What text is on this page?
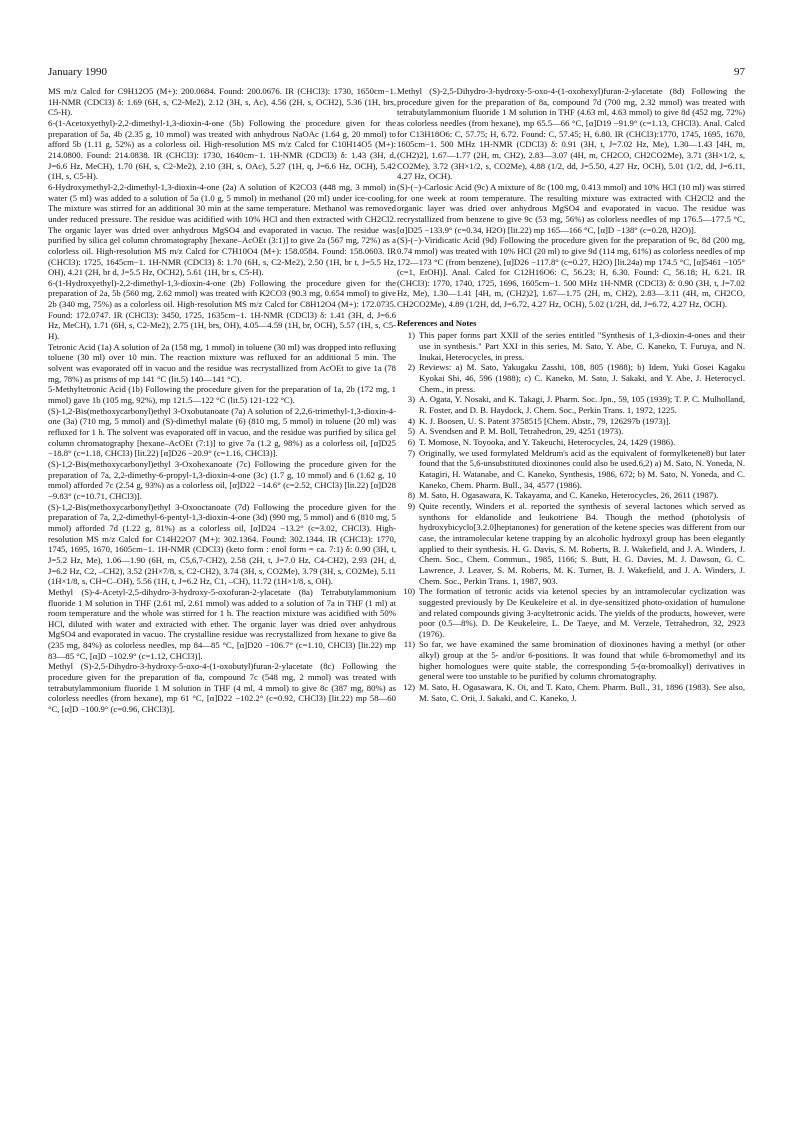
January 1990	97

MS m/z Calcd for C9H12O5 (M+): 200.0684. Found: 200.0676. IR (CHCl3): 1730, 1650cm−1. 1H-NMR (CDCl3) δ: 1.69 (6H, s, C2-Me2), 2.12 (3H, s, Ac), 4.56 (2H, s, OCH2), 5.36 (1H, brs, C5-H).

6-(1-Acetoxyethyl)-2,2-dimethyl-1,3-dioxin-4-one (5b) Following the procedure given for the preparation of 5a, 4b (2.35 g, 10 mmol) was treated with anhydrous NaOAc (1.64 g, 20 mmol) to afford 5b (1.11 g, 52%) as a colorless oil. High-resolution MS m/z Calcd for C10H14O5 (M+): 214.0800. Found: 214.0838. IR (CHCl3): 1730, 1640cm−1. 1H-NMR (CDCl3) δ: 1.43 (3H, d, J=6.6 Hz, MeCH), 1.70 (6H, s, C2-Me2), 2.10 (3H, s, OAc), 5.27 (1H, q, J=6.6 Hz, OCH), 5.42 (1H, s, C5-H).

6-Hydroxymethyl-2,2-dimethyl-1,3-dioxin-4-one (2a) A solution of K2CO3 (448 mg, 3 mmol) in water (5 ml) was added to a solution of 5a (1.0 g, 5 mmol) in methanol (20 ml) under ice-cooling. The mixture was stirred for an additional 30 min at the same temperature. Methanol was removed under reduced pressure. The residue was acidified with 10% HCl and then extracted with CH2Cl2. The organic layer was dried over anhydrous MgSO4 and evaporated in vacuo. The residue was purified by silica gel column chromatography [hexane–AcOEt (3:1)] to give 2a (567 mg, 72%) as a colorless oil. High-resolution MS m/z Calcd for C7H10O4 (M+): 158.0584. Found: 158.0603. IR (CHCl3): 1725, 1645cm−1. 1H-NMR (CDCl3) δ: 1.70 (6H, s, C2-Me2), 2.50 (1H, br t, J=5.5 Hz, OH), 4.21 (2H, br d, J=5.5 Hz, OCH2), 5.61 (1H, br s, C5-H).

6-(1-Hydroxyethyl)-2,2-dimethyl-1,3-dioxin-4-one (2b) Following the procedure given for the preparation of 2a, 5b (560 mg, 2.62 mmol) was treated with K2CO3 (90.3 mg, 0.654 mmol) to give 2b (340 mg, 75%) as a colorless oil. High-resolution MS m/z Calcd for C8H12O4 (M+): 172.0735. Found: 172.0747. IR (CHCl3): 3450, 1725, 1635cm−1. 1H-NMR (CDCl3) δ: 1.41 (3H, d, J=6.6 Hz, MeCH), 1.71 (6H, s, C2-Me2), 2.75 (1H, brs, OH), 4.05—4.59 (1H, br, OCH), 5.57 (1H, s, C5-H).

Tetronic Acid (1a) A solution of 2a (158 mg, 1 mmol) in toluene (30 ml) was dropped into refluxing toluene (30 ml) over 10 min. The reaction mixture was refluxed for an additional 5 min. The solvent was evaporated off in vacuo and the residue was recrystallized from AcOEt to give 1a (78 mg, 78%) as prisms of mp 141 °C (lit.5) 140—141 °C).

5-Methyltetronic Acid (1b) Following the procedure given for the preparation of 1a, 2b (172 mg, 1 mmol) gave 1b (105 mg, 92%), mp 121.5—122 °C (lit.5) 121-122 °C).

(S)-1,2-Bis(methoxycarbonyl)ethyl 3-Oxobutanoate (7a) A solution of 2,2,6-trimethyl-1,3-dioxin-4-one (3a) (710 mg, 5 mmol) and (S)-dimethyl malate (6) (810 mg, 5 mmol) in toluene (20 ml) was refluxed for 1 h. The solvent was evaporated off in vacuo, and the residue was purified by silica gel column chromatography [hexane–AcOEt (7:1)] to give 7a (1.2 g, 98%) as a colorless oil, [α]D25 −18.8° (c=1.18, CHCl3) [lit.22) [α]D26 −20.9° (c=1.16, CHCl3)].

(S)-1,2-Bis(methoxycarbonyl)ethyl 3-Oxohexanoate (7c) Following the procedure given for the preparation of 7a, 2,2-dimethy-6-propyl-1,3-dioxin-4-one (3c) (1.7 g, 10 mmol) and 6 (1.62 g, 10 mmol) afforded 7c (2.54 g, 93%) as a colorless oil, [α]D22 −14.6° (c=2.52, CHCl3) [lit.22) [α]D28 −9.83° (c=10.71, CHCl3)].

(S)-1,2-Bis(methoxycarbonyl)ethyl 3-Oxooctanoate (7d) Following the procedure given for the preparation of 7a, 2,2-dimethyl-6-pentyl-1,3-dioxin-4-one (3d) (990 mg, 5 mmol) and 6 (810 mg, 5 mmol) afforded 7d (1.22 g, 81%) as a colorless oil, [α]D24 −13.2° (c=3.02, CHCl3). High-resolution MS m/z Calcd for C14H22O7 (M+): 302.1364. Found: 302.1344. IR (CHCl3): 1770, 1745, 1695, 1670, 1605cm−1. 1H-NMR (CDCl3) (keto form : enol form = ca. 7:1) δ: 0.90 (3H, t, J=5.2 Hz, Me), 1.06—1.90 (6H, m, C5,6,7-CH2), 2.58 (2H, t, J=7.0 Hz, C4-CH2), 2.93 (2H, d, J=6.2 Hz, C2, –CH2), 3.52 (2H×7/8, s, C2-CH2), 3.74 (3H, s, CO2Me), 3.79 (3H, s, CO2Me), 5.11 (1H×1/8, s, CH=C–OH), 5.56 (1H, t, J=6.2 Hz, C1, –CH), 11.72 (1H×1/8, s, OH).

Methyl (S)-4-Acetyl-2,5-dihydro-3-hydroxy-5-oxofuran-2-ylacetate (8a) Tetrabutylammonium fluoride 1 M solution in THF (2.61 ml, 2.61 mmol) was added to a solution of 7a in THF (1 ml) at room temperature and the whole was stirred for 1 h. The reaction mixture was acidified with 50% HCl, diluted with water and extracted with ether. The organic layer was dried over anhydrous MgSO4 and evaporated in vacuo. The crystalline residue was recrystallized from hexane to give 8a (235 mg, 84%) as colorless needles, mp 84—85 °C, [α]D20 −106.7° (c=1.10, CHCl3) [lit.22) mp 83—85 °C, [α]D −102.9° (c=1.12, CHCl3)].

Methyl (S)-2,5-Dihydro-3-hydroxy-5-oxo-4-(1-oxobutyl)furan-2-ylacetate (8c) Following the procedure given for the preparation of 8a, compound 7c (548 mg, 2 mmol) was treated with tetrabutylammonium fluoride 1 M solution in THF (4 ml, 4 mmol) to give 8c (387 mg, 80%) as colorless needles (from hexane), mp 61 °C, [α]D22 −102.2° (c=0.92, CHCl3) [lit.22) mp 58—60 °C, [α]D −100.9° (c=0.96, CHCl3)].

Methyl (S)-2,5-Dihydro-3-hydroxy-5-oxo-4-(1-oxohexyl)furan-2-ylacetate (8d) Following the procedure given for the preparation of 8a, compound 7d (700 mg, 2.32 mmol) was treated with tetrabutylammonium fluoride 1 M solution in THF (4.63 ml, 4.63 mmol) to give 8d (452 mg, 72%) as colorless needles (from hexane), mp 65.5—66 °C, [α]D19 −91.9° (c=1.13, CHCl3). Anal. Calcd for C13H18O6: C, 57.75; H, 6.72. Found: C, 57.45; H, 6.80. IR (CHCl3):1770, 1745, 1695, 1670, 1605cm−1. 500 MHz 1H-NMR (CDCl3) δ: 0.91 (3H, t, J=7.02 Hz, Me), 1.30—1.43 [4H, m, (CH2)2], 1.67—1.77 (2H, m, CH2), 2.83—3.07 (4H, m, CH2CO, CH2CO2Me), 3.71 (3H×1/2, s, CO2Me), 3.72 (3H×1/2, s, CO2Me), 4.88 (1/2, dd, J=5.50, 4.27 Hz, OCH), 5.01 (1/2, dd, J=6.11, 4.27 Hz, OCH).

(S)-(−)-Carlosic Acid (9c) A mixture of 8c (100 mg, 0.413 mmol) and 10% HCl (10 ml) was stirred for one week at room temperature. The resulting mixture was extracted with CH2Cl2 and the organic layer was dried over anhydrous MgSO4 and evaporated in vacuo. The residue was recrystallized from benzene to give 9c (53 mg, 56%) as colorless needles of mp 176.5—177.5 °C, [α]D25 −133.9° (c=0.34, H2O) [lit.22) mp 165—166 °C, [α]D −138° (c=0.28, H2O)].

(S)-(−)-Viridicatic Acid (9d) Following the procedure given for the preparation of 9c, 8d (200 mg, 0.74 mmol) was treated with 10% HCl (20 ml) to give 9d (114 mg, 61%) as colorless needles of mp 172—173 °C (from benzene), [α]D26 −117.8° (c=0.27, H2O) [lit.24a) mp 174.5 °C, [α]5461 −105° (c=1, EtOH)]. Anal. Calcd for C12H16O6: C, 56.23; H, 6.30. Found: C, 56.18; H, 6.21. IR (CHCl3): 1770, 1740, 1725, 1696, 1605cm−1. 500 MHz 1H-NMR (CDCl3) δ: 0.90 (3H, t, J=7.02 Hz, Me), 1.30—1.41 [4H, m, (CH2)2], 1.67—1.75 (2H, m, CH2), 2.83—3.11 (4H, m, CH2CO, CH2CO2Me), 4.89 (1/2H, dd, J=6.72, 4.27 Hz, OCH), 5.02 (1/2H, dd, J=6.72, 4.27 Hz, OCH).

References and Notes
1) This paper forms part XXII of the series entitled "Synthesis of 1,3-dioxin-4-ones and their use in synthesis." Part XXI in this series, M. Sato, Y. Abe, C. Kaneko, T. Furuya, and N. Inukai, Heterocycles, in press.
2) Reviews: a) M. Sato, Yakugaku Zasshi, 108, 805 (1988); b) Idem, Yuki Gosei Kagaku Kyokai Shi, 46, 596 (1988); c) C. Kaneko, M. Sato, J. Sakaki, and Y. Abe, J. Heterocycl. Chem., in press.
3) A. Ogata, Y. Nosaki, and K. Takagi, J. Pharm. Soc. Jpn., 59, 105 (1939); T. P. C. Mulholland, R. Foster, and D. B. Haydock, J. Chem. Soc., Perkin Trans. 1, 1972, 1225.
4) K. J. Boosen, U. S. Patent 3758515 [Chem. Abstr., 79, 126297b (1973)].
5) A. Svendsen and P. M. Boll, Tetrahedron, 29, 4251 (1973).
6) T. Momose, N. Toyooka, and Y. Takeuchi, Heterocycles, 24, 1429 (1986).
7) Originally, we used formylated Meldrum's acid as the equivalent of formylketene8) but later found that the 5,6-unsubstituted dioxinones could also be used.6,2) a) M. Sato, N. Yoneda, N. Katagiri, H. Watanabe, and C. Kaneko, Synthesis, 1986, 672; b) M. Sato, N. Yoneda, and C. Kaneko, Chem. Pharm. Bull., 34, 4577 (1986).
8) M. Sato, H. Ogasawara, K. Takayama, and C. Kaneko, Heterocycles, 26, 2611 (1987).
9) Quite recently, Winders et al. reported the synthesis of several lactones which served as synthons for eldanolide and leukotriene B4. Though the method (photolysis of hydroxybicyclo[3.2.0]heptanones) for generation of the ketene species was different from our case, the intramolecular ketene trapping by an alcoholic hydroxyl group has been elegantly applied to their synthesis. H. G. Davis, S. M. Roberts, B. J. Wakefield, and J. A. Winders, J. Chem. Soc., Chem. Commun., 1985, 1166; S. Butt, H. G. Davies, M. J. Dawson, G. C. Lawrence, J. Leaver, S. M. Roberts, M. K. Turner, B. J. Wakefield, and J. A. Winders, J. Chem. Soc., Perkin Trans. 1, 1987, 903.
10) The formation of tetronic acids via ketenol species by an intramolecular cyclization was suggested previously by De Keukeleire et al. in dye-sensitized photo-oxidation of humulone and related compounds giving 3-acyltetronic acids. The yields of the products, however, were poor (0.5—8%). D. De Keukeleire, L. De Taeye, and M. Verzele, Tetrahedron, 32, 2923 (1976).
11) So far, we have examined the same bromination of dioxinones having a methyl (or other alkyl) group at the 5- and/or 6-positions. It was found that while 6-bromomethyl and its higher homologues were quite stable, the corresponding 5-(α-bromoalkyl) derivatives in general were too unstable to be purified by column chromatography.
12) M. Sato, H. Ogasawara, K. Oi, and T. Kato, Chem. Pharm. Bull., 31, 1896 (1983). See also, M. Sato, C. Orii, J. Sakaki, and C. Kaneko, J.
